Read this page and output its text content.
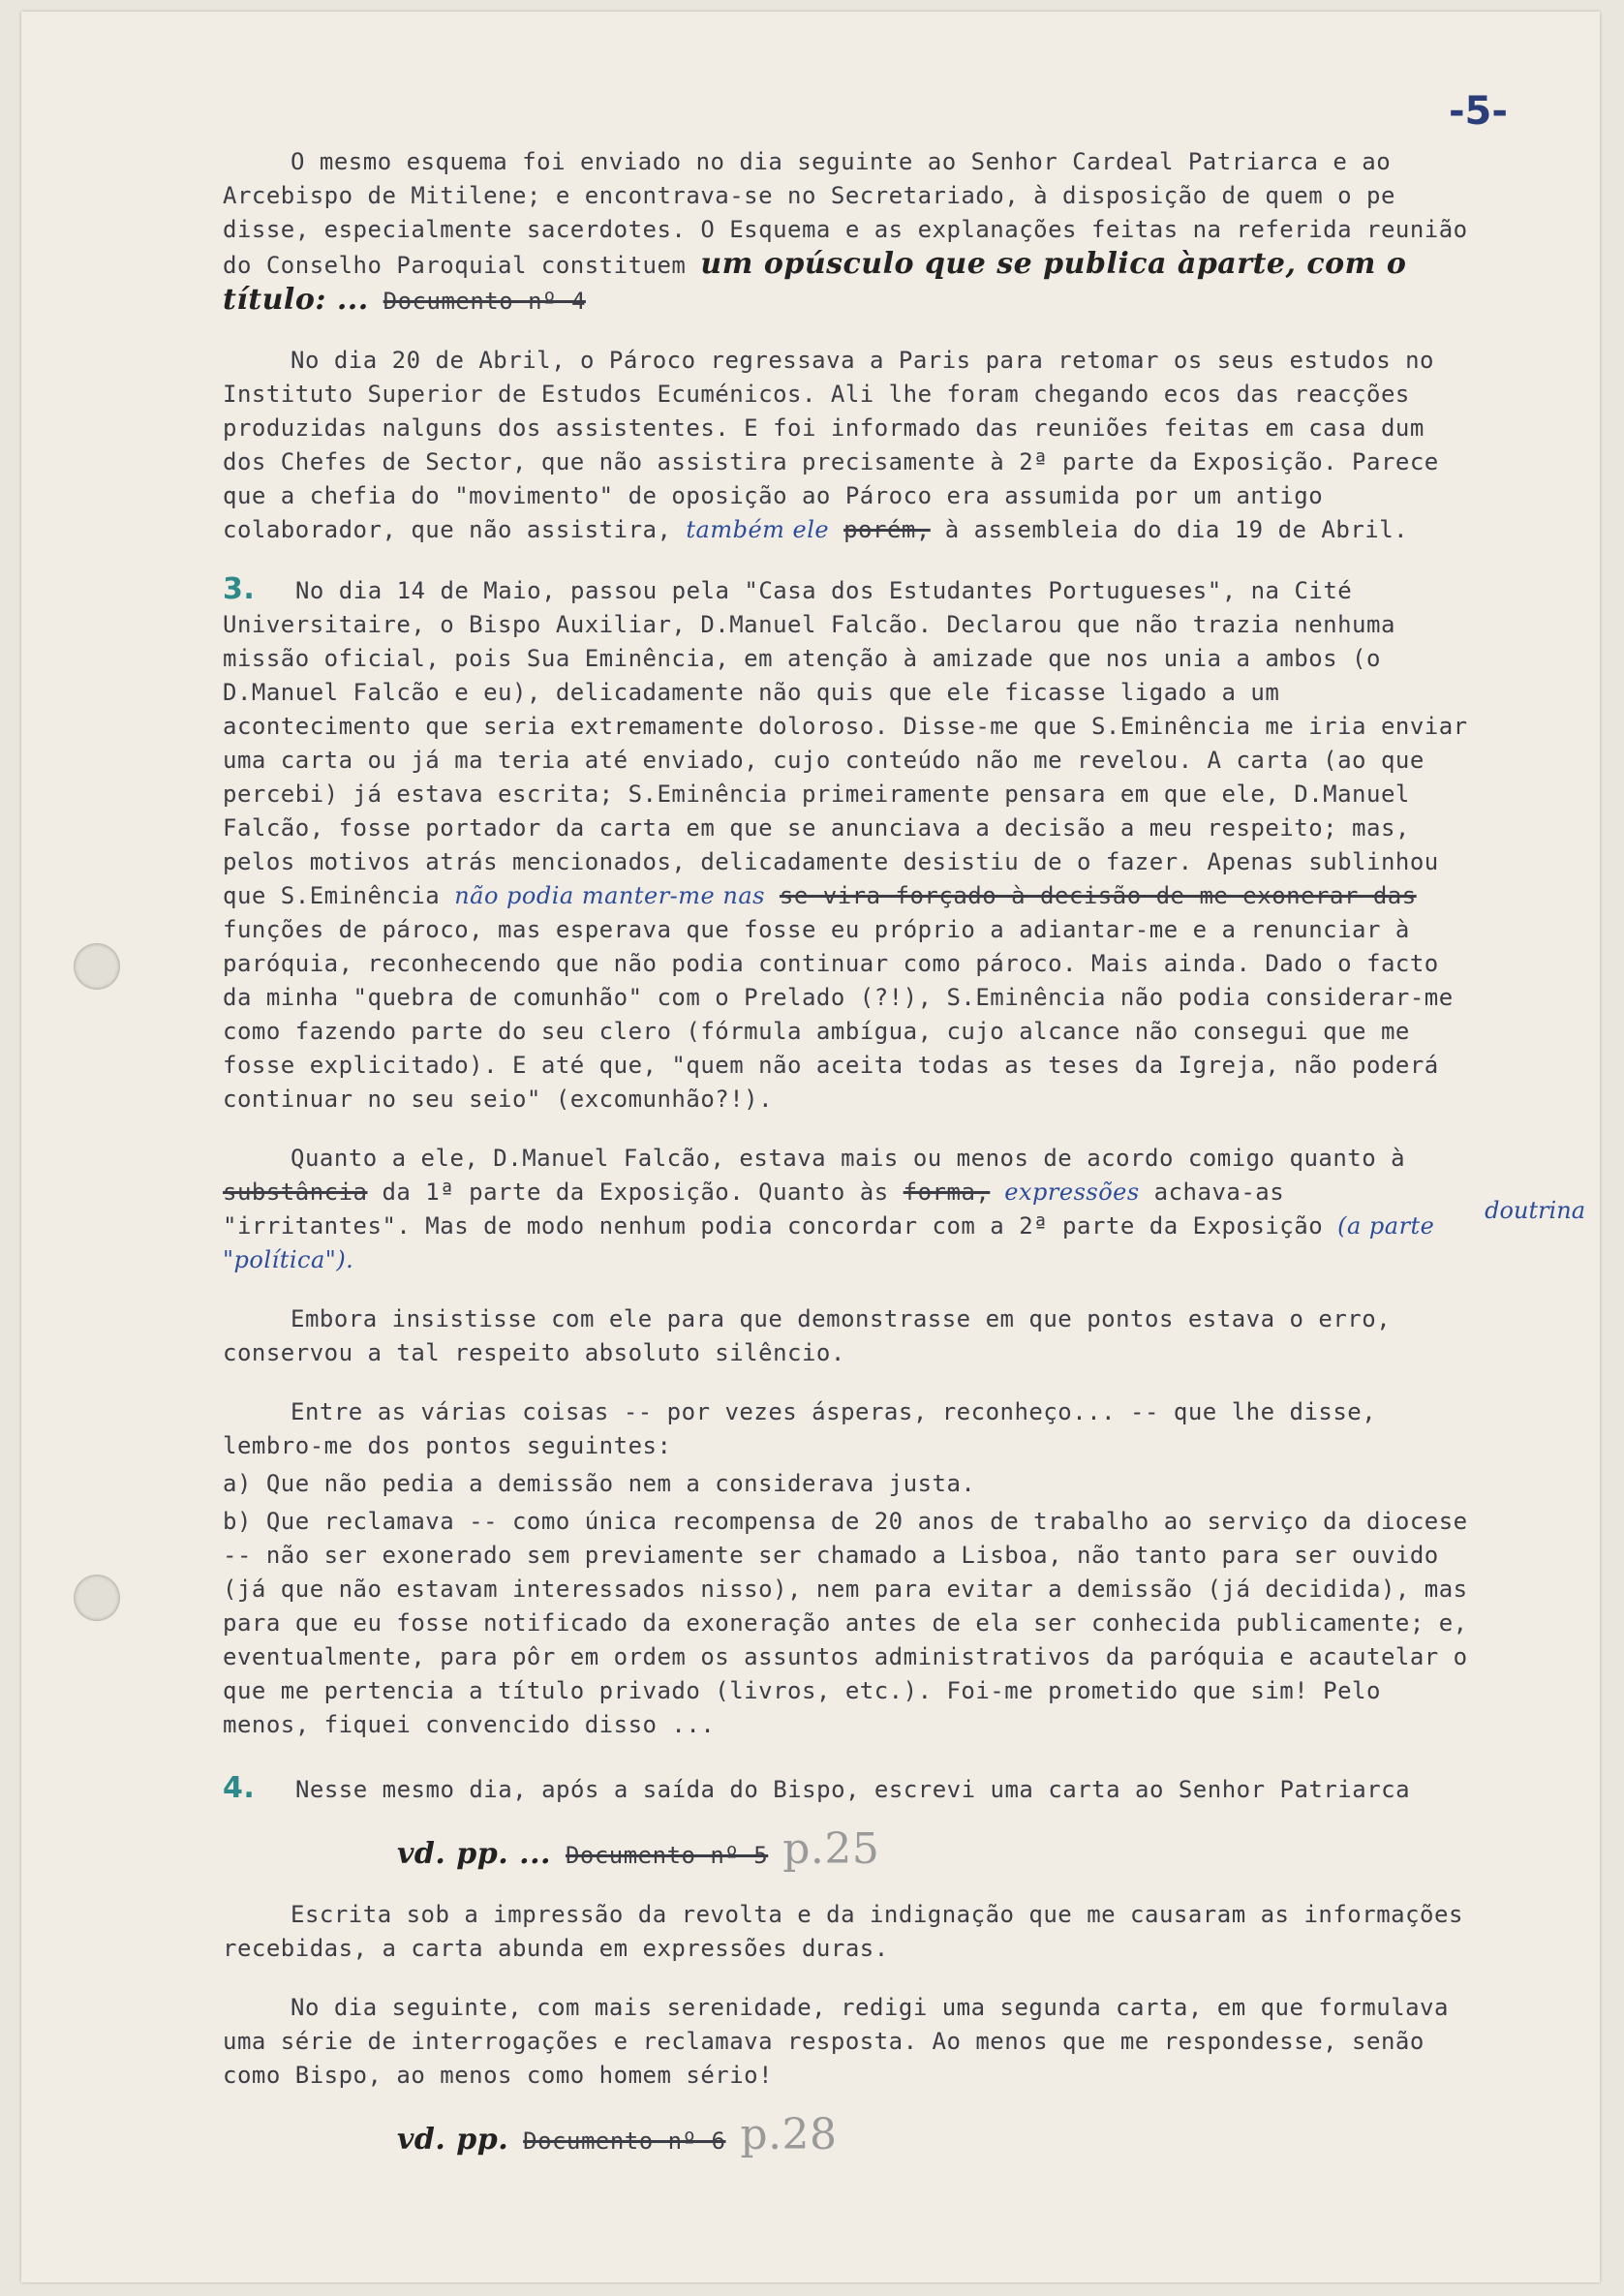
-5-
doutrina

O mesmo esquema foi enviado no dia seguinte ao Senhor Cardeal Patriarca e ao Arcebispo de Mitilene; e encontrava-se no Secretariado, à disposição de quem o pe disse, especialmente sacerdotes. O Esquema e as explanações feitas na referida reunião do Conselho Paroquial constituem um opúsculo que se publica àparte, com o título: ... Documento nº 4

No dia 20 de Abril, o Pároco regressava a Paris para retomar os seus estudos no Instituto Superior de Estudos Ecuménicos. Ali lhe foram chegando ecos das reacções produzidas nalguns dos assistentes. E foi informado das reuniões feitas em casa dum dos Chefes de Sector, que não assistira precisamente à 2ª parte da Exposição. Parece que a chefia do "movimento" de oposição ao Pároco era assumida por um antigo colaborador, que não assistira, também ele porém, à assembleia do dia 19 de Abril.

3. No dia 14 de Maio, passou pela "Casa dos Estudantes Portugueses", na Cité Universitaire, o Bispo Auxiliar, D.Manuel Falcão. Declarou que não trazia nenhuma missão oficial, pois Sua Eminência, em atenção à amizade que nos unia a ambos (o D.Manuel Falcão e eu), delicadamente não quis que ele ficasse ligado a um acontecimento que seria extremamente doloroso. Disse-me que S.Eminência me iria enviar uma carta ou já ma teria até enviado, cujo conteúdo não me revelou. A carta (ao que percebi) já estava escrita; S.Eminência primeiramente pensara em que ele, D.Manuel Falcão, fosse portador da carta em que se anunciava a decisão a meu respeito; mas, pelos motivos atrás mencionados, delicadamente desistiu de o fazer. Apenas sublinhou que S.Eminência não podia manter-me nas se vira forçado à decisão de me exonerar das funções de pároco, mas esperava que fosse eu próprio a adiantar-me e a renunciar à paróquia, reconhecendo que não podia continuar como pároco. Mais ainda. Dado o facto da minha "quebra de comunhão" com o Prelado (?!), S.Eminência não podia considerar-me como fazendo parte do seu clero (fórmula ambígua, cujo alcance não consegui que me fosse explicitado). E até que, "quem não aceita todas as teses da Igreja, não poderá continuar no seu seio" (excomunhão?!).

Quanto a ele, D.Manuel Falcão, estava mais ou menos de acordo comigo quanto à substância da 1ª parte da Exposição. Quanto às forma, expressões achava-as "irritantes". Mas de modo nenhum podia concordar com a 2ª parte da Exposição (a parte "política").

Embora insistisse com ele para que demonstrasse em que pontos estava o erro, conservou a tal respeito absoluto silêncio.

Entre as várias coisas -- por vezes ásperas, reconheço... -- que lhe disse, lembro-me dos pontos seguintes:

a) Que não pedia a demissão nem a considerava justa.

b) Que reclamava -- como única recompensa de 20 anos de trabalho ao serviço da diocese -- não ser exonerado sem previamente ser chamado a Lisboa, não tanto para ser ouvido (já que não estavam interessados nisso), nem para evitar a demissão (já decidida), mas para que eu fosse notificado da exoneração antes de ela ser conhecida publicamente; e, eventualmente, para pôr em ordem os assuntos administrativos da paróquia e acautelar o que me pertencia a título privado (livros, etc.). Foi-me prometido que sim! Pelo menos, fiquei convencido disso ...

4. Nesse mesmo dia, após a saída do Bispo, escrevi uma carta ao Senhor Patriarca

vd. pp. ... Documento nº 5 p.25

Escrita sob a impressão da revolta e da indignação que me causaram as informações recebidas, a carta abunda em expressões duras.

No dia seguinte, com mais serenidade, redigi uma segunda carta, em que formulava uma série de interrogações e reclamava resposta. Ao menos que me respondesse, senão como Bispo, ao menos como homem sério!

vd. pp. Documento nº 6 p.28
